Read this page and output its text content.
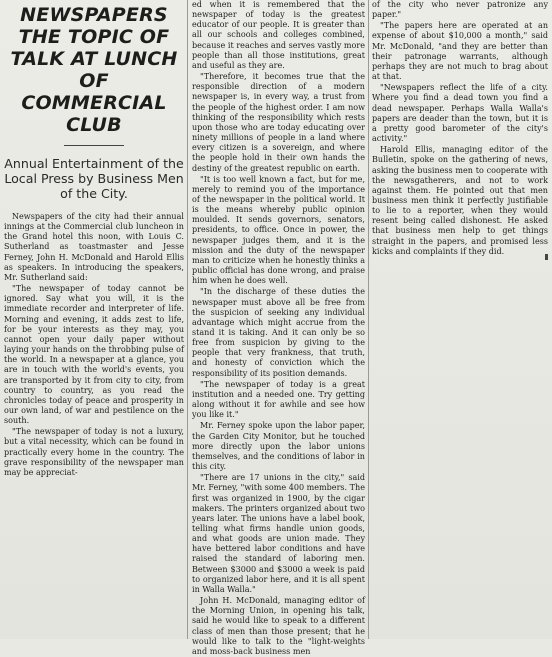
NEWSPAPERS THE TOPIC OF TALK AT LUNCH OF COMMERCIAL CLUB
Annual Entertainment of the Local Press by Business Men of the City.

Newspapers of the city had their annual innings at the Commercial club luncheon in the Grand hotel this noon, with Louis C. Sutherland as toastmaster and Jesse Ferney, John H. McDonald and Harold Ellis as speakers. In introducing the speakers, Mr. Sutherland said:

"The newspaper of today cannot be ignored. Say what you will, it is the immediate recorder and interpreter of life. Morning and evening, it adds zest to life, for be your interests as they may, you cannot open your daily paper without laying your hands on the throbbing pulse of the world. In a newspaper at a glance, you are in touch with the world's events, you are transported by it from city to city, from country to country, as you read the chronicles today of peace and prosperity in our own land, of war and pestilence on the south.

"The newspaper of today is not a luxury, but a vital necessity, which can be found in practically every home in the country. The grave responsibility of the newspaper man may be appreciat-

ed when it is remembered that the newspaper of today is the greatest educator of our people. It is greater than all our schools and colleges combined, because it reaches and serves vastly more people than all those institutions, great and useful as they are.

"Therefore, it becomes true that the responsible direction of a modern newspaper is, in every way, a trust from the people of the highest order. I am now thinking of the responsibility which rests upon those who are today educating over ninety millions of people in a land where every citizen is a sovereign, and where the people hold in their own hands the destiny of the greatest republic on earth.

"It is too well known a fact, but for me, merely to remind you of the importance of the newspaper in the political world. It is the means whereby public opinion moulded. It sends governors, senators, presidents, to office. Once in power, the newspaper judges them, and it is the mission and the duty of the newspaper man to criticize when he honestly thinks a public official has done wrong, and praise him when he does well.

"In the discharge of these duties the newspaper must above all be free from the suspicion of seeking any individual advantage which might accrue from the stand it is taking. And it can only be so free from suspicion by giving to the people that very frankness, that truth, and honesty of conviction which the responsibility of its position demands.

"The newspaper of today is a great institution and a needed one. Try getting along without it for awhile and see how you like it."

Mr. Ferney spoke upon the labor paper, the Garden City Monitor, but he touched more directly upon the labor unions themselves, and the conditions of labor in this city.

"There are 17 unions in the city," said Mr. Ferney, "with some 400 members. The first was organized in 1900, by the cigar makers. The printers organized about two years later. The unions have a label book, telling what firms handle union goods, and what goods are union made. They have bettered labor conditions and have raised the standard of laboring men. Between $3000 and $3000 a week is paid to organized labor here, and it is all spent in Walla Walla."

John H. McDonald, managing editor of the Morning Union, in opening his talk, said he would like to speak to a different class of men than those present; that he would like to talk to the "light-weights and moss-back business men

of the city who never patronize any paper."

"The papers here are operated at an expense of about $10,000 a month," said Mr. McDonald, "and they are better than their patronage warrants, although perhaps they are not much to brag about at that.

"Newspapers reflect the life of a city. Where you find a dead town you find a dead newspaper. Perhaps Walla Walla's papers are deader than the town, but it is a pretty good barometer of the city's activity."

Harold Ellis, managing editor of the Bulletin, spoke on the gathering of news, asking the business men to cooperate with the newsgatherers, and not to work against them. He pointed out that men business men think it perfectly justifiable to lie to a reporter, when they would resent being called dishonest. He asked that business men help to get things straight in the papers, and promised less kicks and complaints if they did.
